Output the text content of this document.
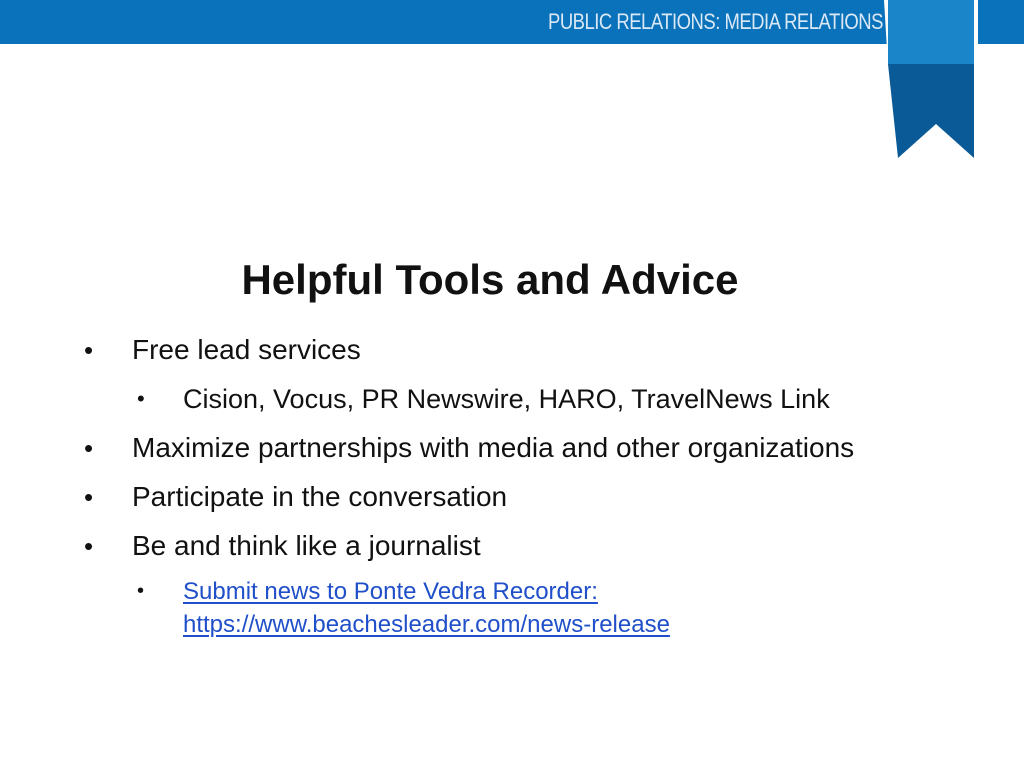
PUBLIC RELATIONS: MEDIA RELATIONS
Helpful Tools and Advice
• Free lead services
• Cision, Vocus, PR Newswire, HARO, TravelNews Link
• Maximize partnerships with media and other organizations
• Participate in the conversation
• Be and think like a journalist
• Submit news to Ponte Vedra Recorder:
https://www.beachesleader.com/news-release
